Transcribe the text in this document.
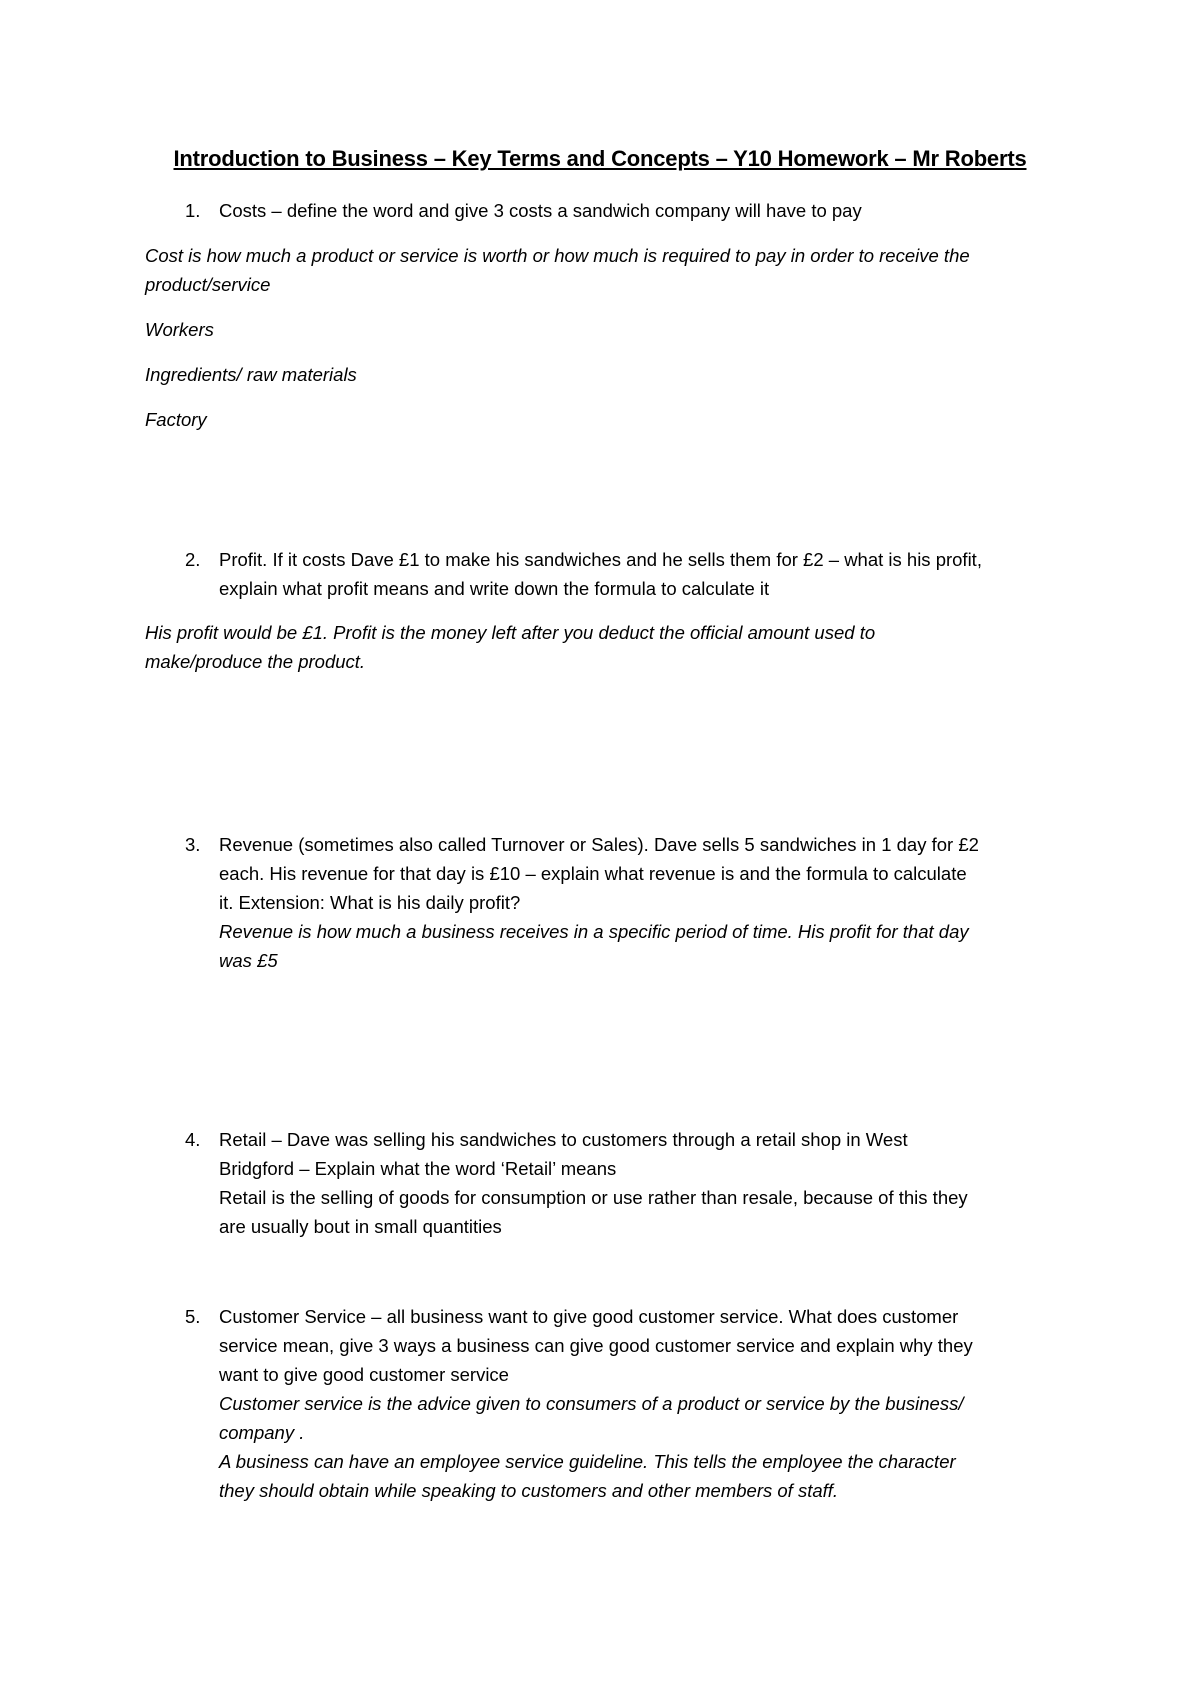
Introduction to Business – Key Terms and Concepts – Y10 Homework – Mr Roberts
1. Costs – define the word and give 3 costs a sandwich company will have to pay
Cost is how much a product or service is worth or how much is required to pay in order to receive the
product/service
Workers
Ingredients/ raw materials
Factory
2. Profit. If it costs Dave £1 to make his sandwiches and he sells them for £2 – what is his profit,
explain what profit means and write down the formula to calculate it
His profit would be £1. Profit is the money left after you deduct the official amount used to
make/produce the product.
3. Revenue (sometimes also called Turnover or Sales). Dave sells 5 sandwiches in 1 day for £2
each. His revenue for that day is £10 – explain what revenue is and the formula to calculate
it. Extension: What is his daily profit?
Revenue is how much a business receives in a specific period of time. His profit for that day
was £5
4. Retail – Dave was selling his sandwiches to customers through a retail shop in West
Bridgford – Explain what the word ‘Retail’ means
Retail is the selling of goods for consumption or use rather than resale, because of this they
are usually bout in small quantities
5. Customer Service – all business want to give good customer service. What does customer
service mean, give 3 ways a business can give good customer service and explain why they
want to give good customer service
Customer service is the advice given to consumers of a product or service by the business/
company .
A business can have an employee service guideline. This tells the employee the character
they should obtain while speaking to customers and other members of staff.
